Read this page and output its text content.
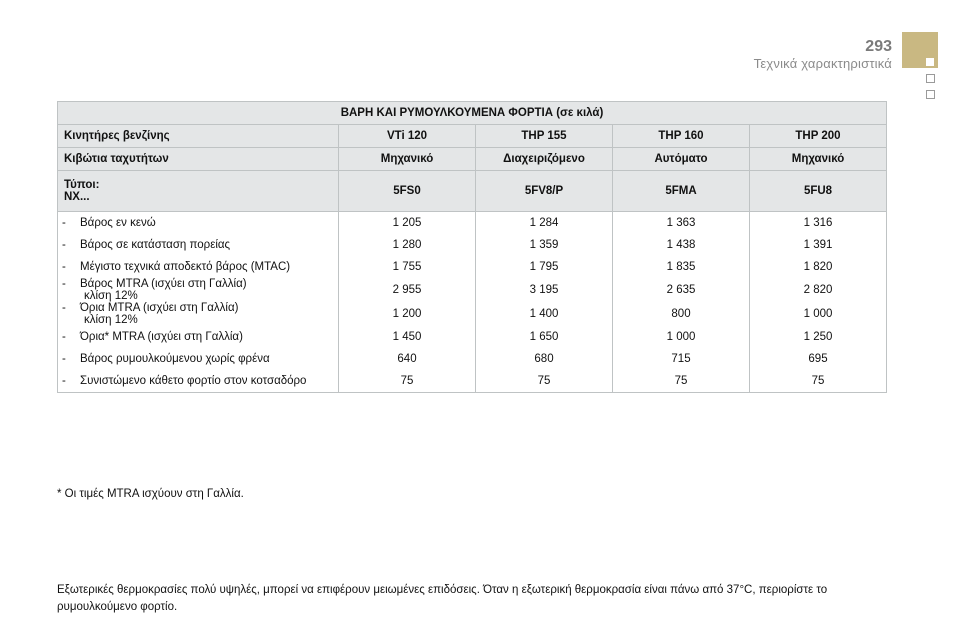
293
Τεχνικά χαρακτηριστικά
ΒΑΡΗ ΚΑΙ ΡΥΜΟΥΛΚΟΥΜΕΝΑ ΦΟΡΤΙΑ (σε κιλά)				
Κινητήρες βενζίνης	VTi 120	THP 155	THP 160	THP 200
Κιβώτια ταχυτήτων	Μηχανικό	Διαχειριζόμενο	Αυτόματο	Μηχανικό

Τύποι:
NX...	5FS0	5FV8/P	5FMA	5FU8
- Βάρος εν κενώ	1 205	1 284	1 363	1 316
- Βάρος σε κατάσταση πορείας	1 280	1 359	1 438	1 391
- Μέγιστο τεχνικά αποδεκτό βάρος (MTAC)	1 755	1 795	1 835	1 820
- Βάρος MTRA (ισχύει στη Γαλλία)
κλίση 12%	2 955	3 195	2 635	2 820
- Όρια MTRA (ισχύει στη Γαλλία)
κλίση 12%	1 200	1 400	800	1 000
- Όρια* MTRA (ισχύει στη Γαλλία)	1 450	1 650	1 000	1 250
- Βάρος ρυμουλκούμενου χωρίς φρένα	640	680	715	695
- Συνιστώμενο κάθετο φορτίο στον κοτσαδόρο	75	75	75	75
* Οι τιμές MTRA ισχύουν στη Γαλλία.
Εξωτερικές θερμοκρασίες πολύ υψηλές, μπορεί να επιφέρουν μειωμένες επιδόσεις. Όταν η εξωτερική θερμοκρασία είναι πάνω από 37°C, περιορίστε το ρυμουλκούμενο φορτίο.
